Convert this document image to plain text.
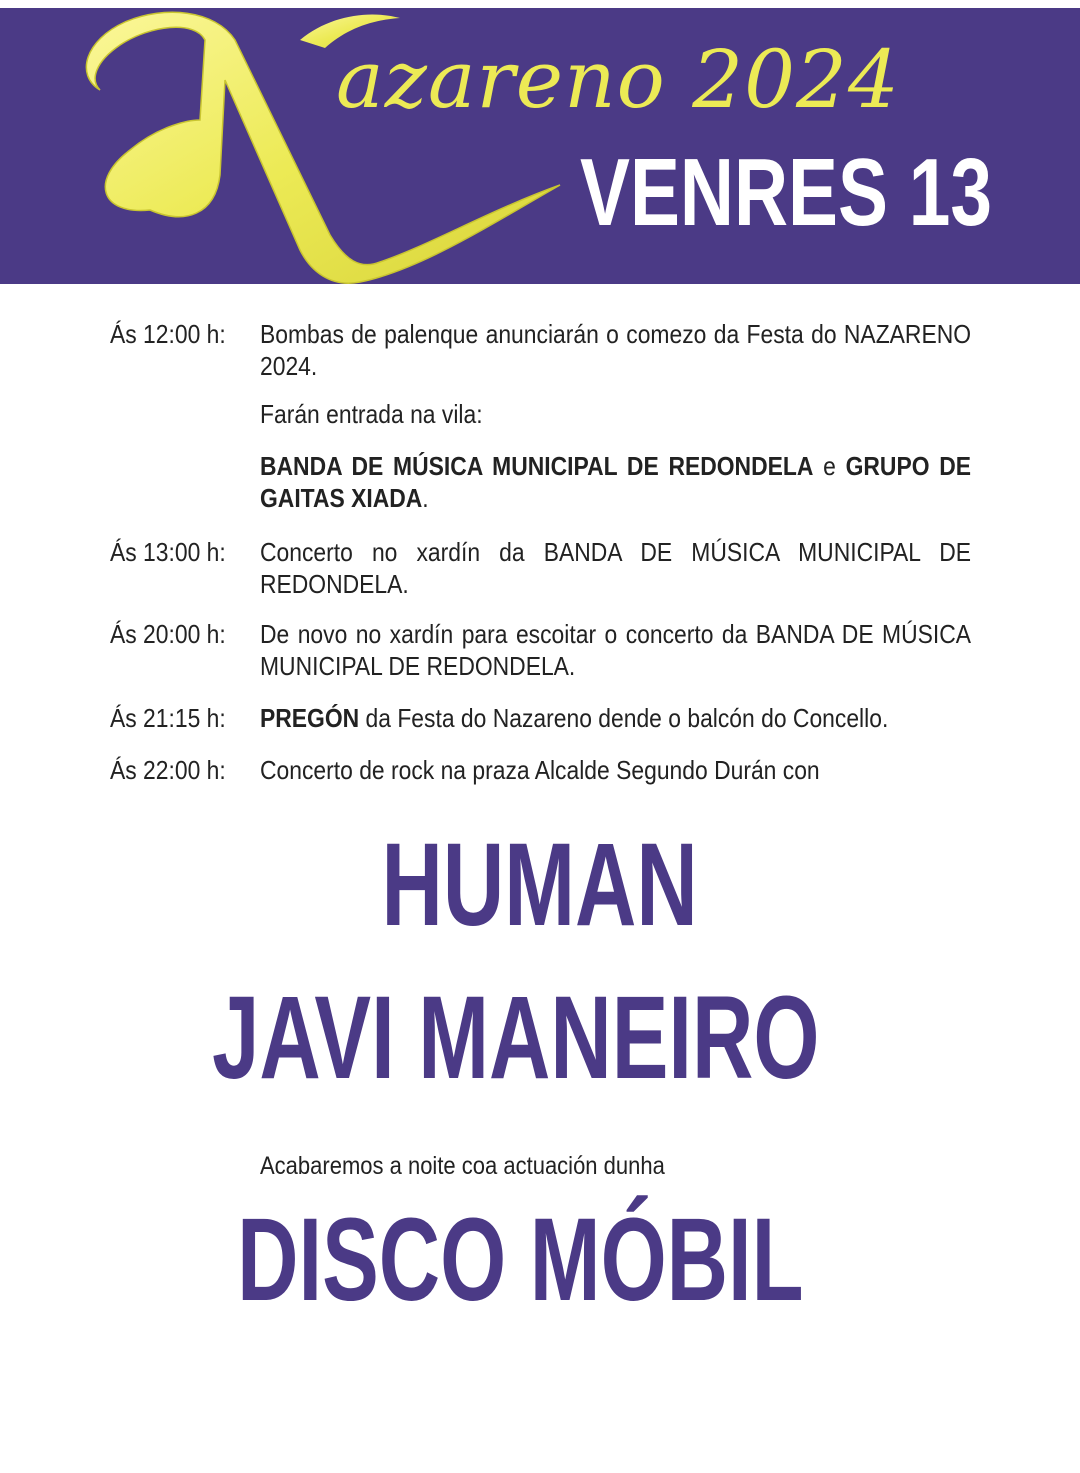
azareno 2024
VENRES 13
Ás 12:00 h:	Bombas de palenque anunciarán o comezo da Festa do NAZARENO 2024.
Farán entrada na vila:
BANDA DE MÚSICA MUNICIPAL DE REDONDELA e GRUPO DE GAITAS XIADA.
Ás 13:00 h:	Concerto no xardín da BANDA DE MÚSICA MUNICIPAL DE REDONDELA.
Ás 20:00 h:	De novo no xardín para escoitar o concerto da BANDA DE MÚSICA MUNICIPAL DE REDONDELA.
Ás 21:15 h:	PREGÓN da Festa do Nazareno dende o balcón do Concello.
Ás 22:00 h:	Concerto de rock na praza Alcalde Segundo Durán con
HUMAN
JAVI MANEIRO
Acabaremos a noite coa actuación dunha
DISCO MÓBIL
